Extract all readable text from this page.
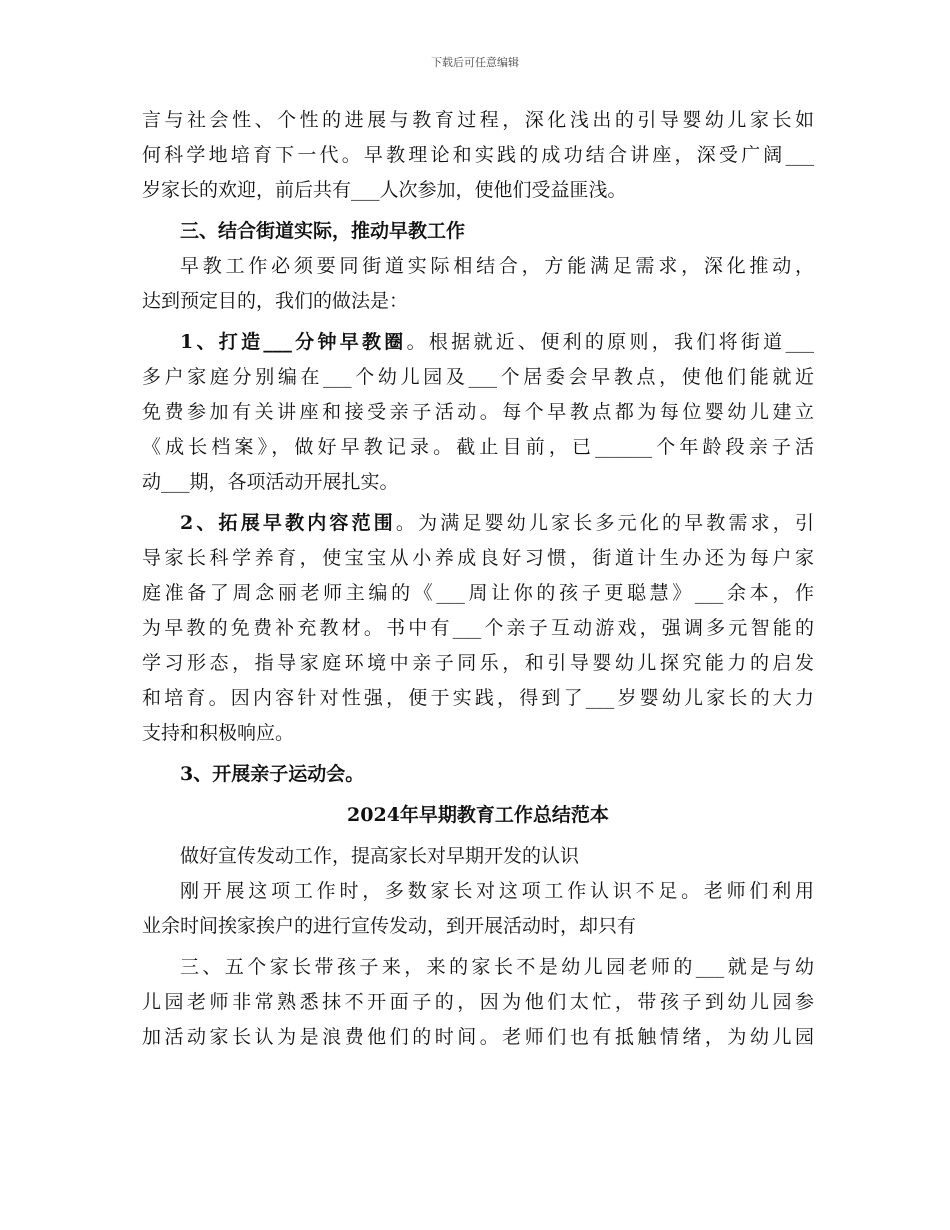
下载后可任意编辑
言与社会性、个性的进展与教育过程，深化浅出的引导婴幼儿家长如
何科学地培育下一代。早教理论和实践的成功结合讲座，深受广阔___
岁家长的欢迎，前后共有___人次参加，使他们受益匪浅。
三、结合街道实际，推动早教工作
早教工作必须要同街道实际相结合，方能满足需求，深化推动，
达到预定目的，我们的做法是：
1、打造___分钟早教圈。根据就近、便利的原则，我们将街道___
多户家庭分别编在___个幼儿园及___个居委会早教点，使他们能就近
免费参加有关讲座和接受亲子活动。每个早教点都为每位婴幼儿建立
《成长档案》，做好早教记录。截止目前，已______个年龄段亲子活
动___期，各项活动开展扎实。
2、拓展早教内容范围。为满足婴幼儿家长多元化的早教需求，引
导家长科学养育，使宝宝从小养成良好习惯，街道计生办还为每户家
庭准备了周念丽老师主编的《___周让你的孩子更聪慧》___余本，作
为早教的免费补充教材。书中有___个亲子互动游戏，强调多元智能的
学习形态，指导家庭环境中亲子同乐，和引导婴幼儿探究能力的启发
和培育。因内容针对性强，便于实践，得到了___岁婴幼儿家长的大力
支持和积极响应。
3、开展亲子运动会。
2024年早期教育工作总结范本
做好宣传发动工作，提高家长对早期开发的认识
刚开展这项工作时，多数家长对这项工作认识不足。老师们利用
业余时间挨家挨户的进行宣传发动，到开展活动时，却只有
三、五个家长带孩子来，来的家长不是幼儿园老师的___就是与幼
儿园老师非常熟悉抹不开面子的，因为他们太忙，带孩子到幼儿园参
加活动家长认为是浪费他们的时间。老师们也有抵触情绪，为幼儿园
